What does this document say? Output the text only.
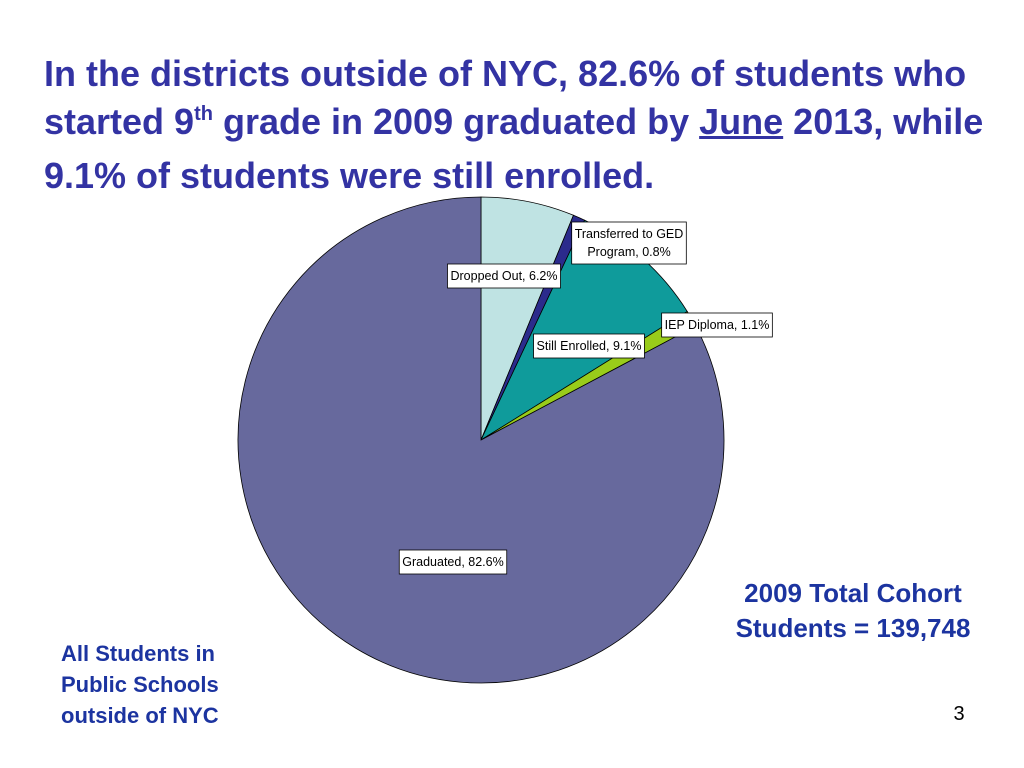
In the districts outside of NYC, 82.6% of students who started 9th grade in 2009 graduated by June 2013, while 9.1% of students were still enrolled.
Dropped Out, 6.2%
Transferred to GED
Program, 0.8%
Still Enrolled, 9.1%
IEP Diploma, 1.1%
Graduated, 82.6%
2009 Total Cohort
Students = 139,748
All Students in
Public Schools
outside of NYC	3
